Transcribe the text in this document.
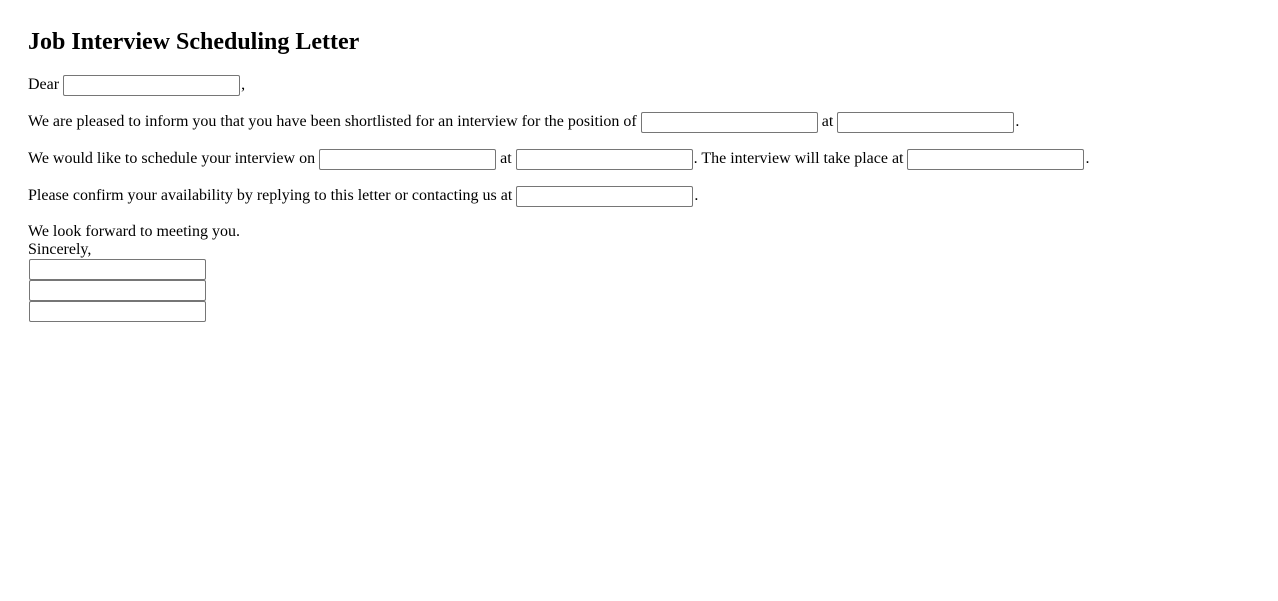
Job Interview Scheduling Letter
Dear	,
We are pleased to inform you that you have been shortlisted for an interview for the position of	at	.
We would like to schedule your interview on	at	. The interview will take place at	.
Please confirm your availability by replying to this letter or contacting us at	.
We look forward to meeting you.
Sincerely,
